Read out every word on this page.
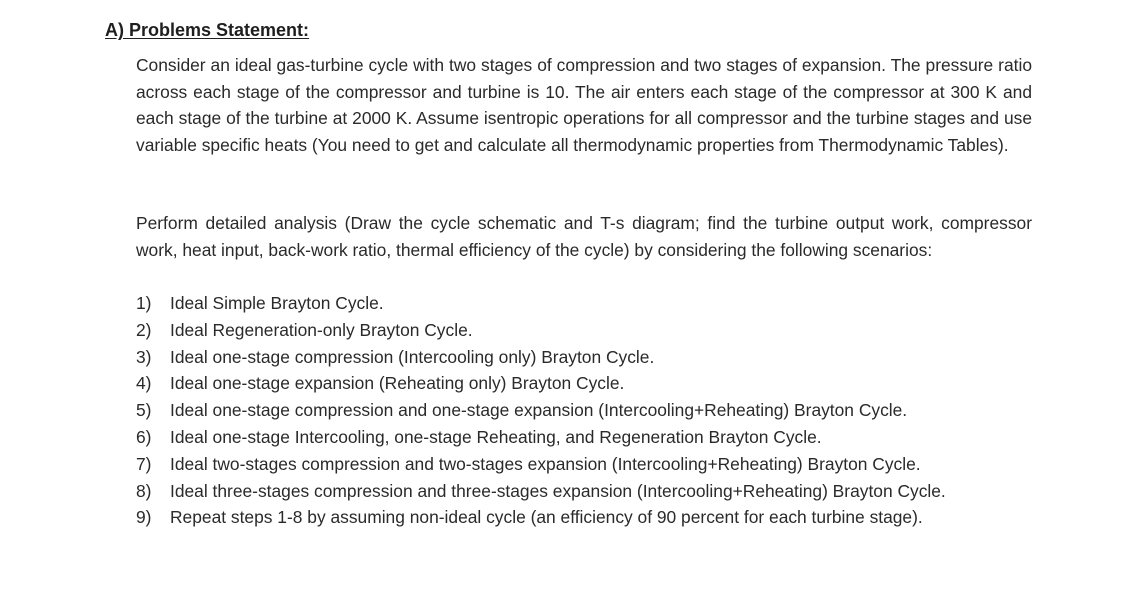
A) Problems Statement:

Consider an ideal gas-turbine cycle with two stages of compression and two stages of expansion. The pressure ratio across each stage of the compressor and turbine is 10. The air enters each stage of the compressor at 300 K and each stage of the turbine at 2000 K. Assume isentropic operations for all compressor and the turbine stages and use variable specific heats (You need to get and calculate all thermodynamic properties from Thermodynamic Tables).

Perform detailed analysis (Draw the cycle schematic and T-s diagram; find the turbine output work, compressor work, heat input, back-work ratio, thermal efficiency of the cycle) by considering the following scenarios:

1) Ideal Simple Brayton Cycle.
2) Ideal Regeneration-only Brayton Cycle.
3) Ideal one-stage compression (Intercooling only) Brayton Cycle.
4) Ideal one-stage expansion (Reheating only) Brayton Cycle.
5) Ideal one-stage compression and one-stage expansion (Intercooling+Reheating) Brayton Cycle.
6) Ideal one-stage Intercooling, one-stage Reheating, and Regeneration Brayton Cycle.
7) Ideal two-stages compression and two-stages expansion (Intercooling+Reheating) Brayton Cycle.
8) Ideal three-stages compression and three-stages expansion (Intercooling+Reheating) Brayton Cycle.
9) Repeat steps 1-8 by assuming non-ideal cycle (an efficiency of 90 percent for each turbine stage).
